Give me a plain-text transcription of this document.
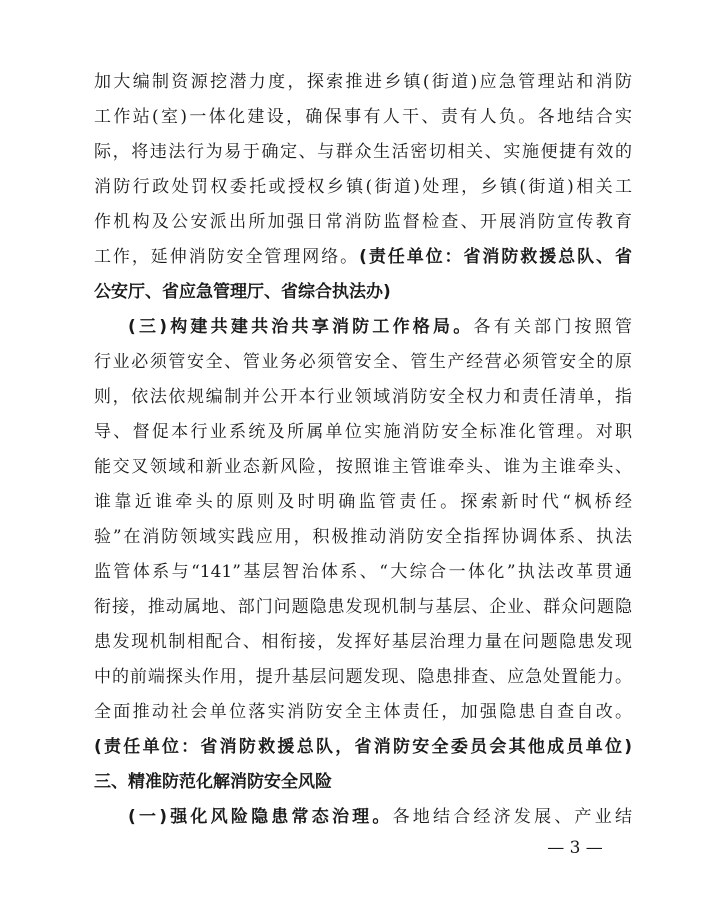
加大编制资源挖潜力度，探索推进乡镇(街道)应急管理站和消防
工作站(室)一体化建设，确保事有人干、责有人负。各地结合实
际，将违法行为易于确定、与群众生活密切相关、实施便捷有效的
消防行政处罚权委托或授权乡镇(街道)处理，乡镇(街道)相关工
作机构及公安派出所加强日常消防监督检查、开展消防宣传教育
工作，延伸消防安全管理网络。(责任单位：省消防救援总队、省
公安厅、省应急管理厅、省综合执法办)
(三)构建共建共治共享消防工作格局。各有关部门按照管
行业必须管安全、管业务必须管安全、管生产经营必须管安全的原
则，依法依规编制并公开本行业领域消防安全权力和责任清单，指
导、督促本行业系统及所属单位实施消防安全标准化管理。对职
能交叉领域和新业态新风险，按照谁主管谁牵头、谁为主谁牵头、
谁靠近谁牵头的原则及时明确监管责任。探索新时代“枫桥经
验”在消防领域实践应用，积极推动消防安全指挥协调体系、执法
监管体系与“141”基层智治体系、“大综合一体化”执法改革贯通
衔接，推动属地、部门问题隐患发现机制与基层、企业、群众问题隐
患发现机制相配合、相衔接，发挥好基层治理力量在问题隐患发现
中的前端探头作用，提升基层问题发现、隐患排查、应急处置能力。
全面推动社会单位落实消防安全主体责任，加强隐患自查自改。
(责任单位：省消防救援总队，省消防安全委员会其他成员单位)
三、精准防范化解消防安全风险
(一)强化风险隐患常态治理。各地结合经济发展、产业结
— 3 —
